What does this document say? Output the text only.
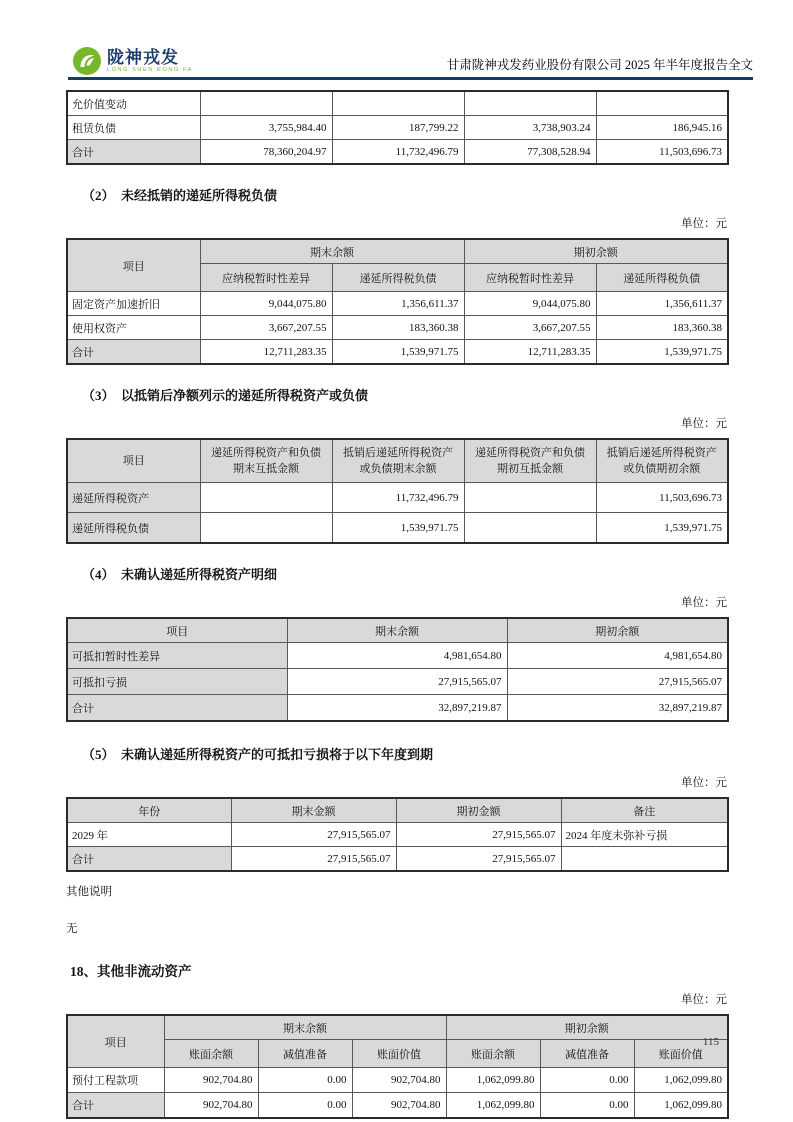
陇神戎发
LONG SHEN RONG FA	甘肃陇神戎发药业股份有限公司 2025 年半年度报告全文
允价值变动				
租赁负债	3,755,984.40	187,799.22	3,738,903.24	186,945.16
合计	78,360,204.97	11,732,496.79	77,308,528.94	11,503,696.73
（2）　未经抵销的递延所得税负债
单位：元
项目	期末余额		期初余额	
	应纳税暂时性差异	递延所得税负债	应纳税暂时性差异	递延所得税负债
固定资产加速折旧	9,044,075.80	1,356,611.37	9,044,075.80	1,356,611.37
使用权资产	3,667,207.55	183,360.38	3,667,207.55	183,360.38
合计	12,711,283.35	1,539,971.75	12,711,283.35	1,539,971.75
（3）　以抵销后净额列示的递延所得税资产或负债
单位：元
项目	递延所得税资产和负债期末互抵金额	抵销后递延所得税资产或负债期末余额	递延所得税资产和负债期初互抵金额	抵销后递延所得税资产或负债期初余额
递延所得税资产		11,732,496.79		11,503,696.73
递延所得税负债		1,539,971.75		1,539,971.75
（4）　未确认递延所得税资产明细
单位：元
项目	期末余额	期初余额
可抵扣暂时性差异	4,981,654.80	4,981,654.80
可抵扣亏损	27,915,565.07	27,915,565.07
合计	32,897,219.87	32,897,219.87
（5）　未确认递延所得税资产的可抵扣亏损将于以下年度到期
单位：元
年份	期末金额	期初金额	备注
2029 年	27,915,565.07	27,915,565.07	2024 年度未弥补亏损
合计	27,915,565.07	27,915,565.07	
其他说明
无
18、其他非流动资产
单位：元
项目	期末余额			期初余额		
	账面余额	减值准备	账面价值	账面余额	减值准备	账面价值
预付工程款项	902,704.80	0.00	902,704.80	1,062,099.80	0.00	1,062,099.80
合计	902,704.80	0.00	902,704.80	1,062,099.80	0.00	1,062,099.80
115
